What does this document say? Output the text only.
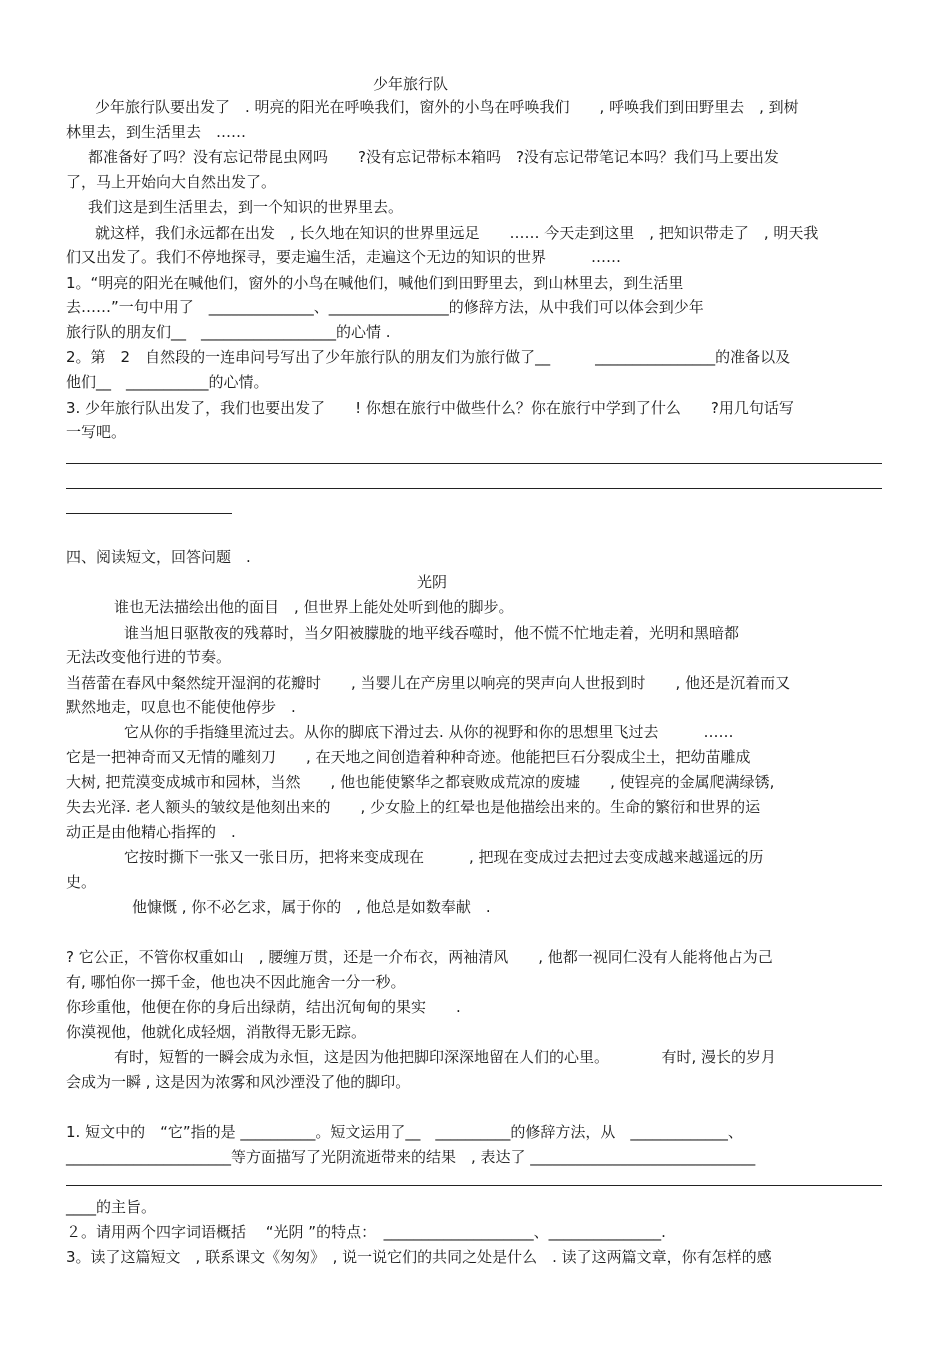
少年旅行队
少年旅行队要出发了　. 明亮的阳光在呼唤我们，窗外的小鸟在呼唤我们　　, 呼唤我们到田野里去　, 到树
林里去，到生活里去　……
都准备好了吗？没有忘记带昆虫网吗　　?没有忘记带标本箱吗　?没有忘记带笔记本吗？我们马上要出发
了，马上开始向大自然出发了。
我们这是到生活里去，到一个知识的世界里去。
就这样，我们永远都在出发　, 长久地在知识的世界里远足　　…… 今天走到这里　, 把知识带走了　, 明天我
们又出发了。我们不停地探寻，要走遍生活，走遍这个无边的知识的世界　　　……
1。“明亮的阳光在喊他们，窗外的小鸟在喊他们，喊他们到田野里去，到山林里去，到生活里
去……”一句中用了　______________、________________的修辞方法，从中我们可以体会到少年
旅行队的朋友们__　__________________的心情 .
2。第　2　自然段的一连串问号写出了少年旅行队的朋友们为旅行做了__　　　________________的准备以及
他们__　___________的心情。
3. 少年旅行队出发了，我们也要出发了　　! 你想在旅行中做些什么？你在旅行中学到了什么　　?用几句话写
一写吧。
四、阅读短文，回答问题　.
光阴
谁也无法描绘出他的面目　, 但世界上能处处听到他的脚步。
谁当旭日驱散夜的残幕时，当夕阳被朦胧的地平线吞噬时，他不慌不忙地走着，光明和黑暗都
无法改变他行进的节奏。
当蓓蕾在春风中粲然绽开湿润的花瓣时　　, 当婴儿在产房里以响亮的哭声向人世报到时　　, 他还是沉着而又
默然地走，叹息也不能使他停步　.
它从你的手指缝里流过去。从你的脚底下滑过去. 从你的视野和你的思想里飞过去　　　……
它是一把神奇而又无情的雕刻刀　　, 在天地之间创造着种种奇迹。他能把巨石分裂成尘土，把幼苗雕成
大树, 把荒漠变成城市和园林，当然　　, 他也能使繁华之都衰败成荒凉的废墟　　, 使锃亮的金属爬满绿锈,
失去光泽. 老人额头的皱纹是他刻出来的　　, 少女脸上的红晕也是他描绘出来的。生命的繁衍和世界的运
动正是由他精心指挥的　.
它按时撕下一张又一张日历，把将来变成现在　　　, 把现在变成过去把过去变成越来越遥远的历
史。
他慷慨 , 你不必乞求，属于你的　, 他总是如数奉献　.
? 它公正，不管你权重如山　, 腰缠万贯，还是一介布衣，两袖清风　　, 他都一视同仁没有人能将他占为己
有, 哪怕你一掷千金，他也决不因此施舍一分一秒。
你珍重他，他便在你的身后出绿荫，结出沉甸甸的果实　　.
你漠视他，他就化成轻烟，消散得无影无踪。
有时，短暂的一瞬会成为永恒，这是因为他把脚印深深地留在人们的心里。　　　　有时, 漫长的岁月
会成为一瞬 , 这是因为浓雾和风沙湮没了他的脚印。
1. 短文中的　“它”指的是 __________。短文运用了__　__________的修辞方法，从　_____________、
______________________等方面描写了光阴流逝带来的结果　, 表达了 ______________________________
____的主旨。
２。请用两个四字词语概括　 “光阴 ”的特点：　____________________、_______________.
3。读了这篇短文　, 联系课文《匆匆》　, 说一说它们的共同之处是什么　. 读了这两篇文章，你有怎样的感
